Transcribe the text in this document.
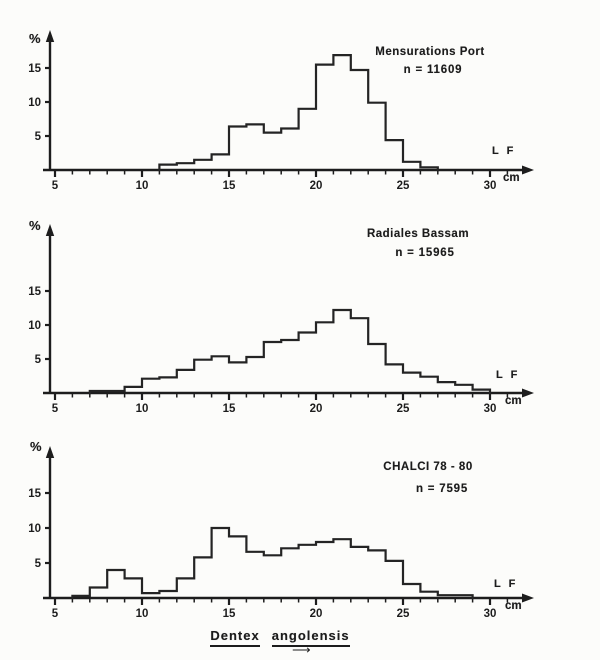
5	10	15	20	25	30
5
10
15
5	10	15	20	25	30
5
10
15
5	10	15	20	25	30
5
10
15
%
Mensurations Port
n = 11609
L F
cm
%
Radiales Bassam
n = 15965
L F
cm
%
CHALCI 78 - 80
n = 7595
L F
cm
Dentex angolensis
⟶
